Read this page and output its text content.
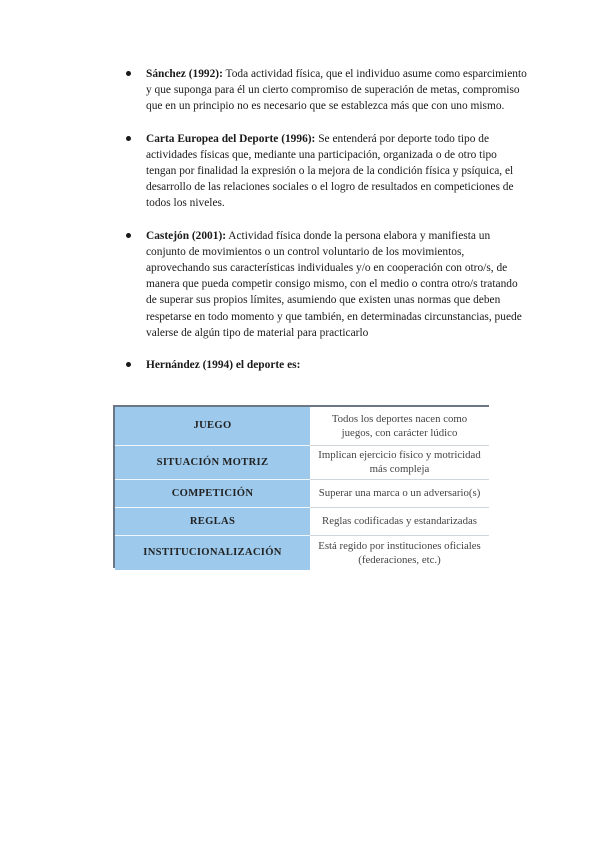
Sánchez (1992): Toda actividad física, que el individuo asume como esparcimiento y que suponga para él un cierto compromiso de superación de metas, compromiso que en un principio no es necesario que se establezca más que con uno mismo.
Carta Europea del Deporte (1996): Se entenderá por deporte todo tipo de actividades físicas que, mediante una participación, organizada o de otro tipo tengan por finalidad la expresión o la mejora de la condición física y psíquica, el desarrollo de las relaciones sociales o el logro de resultados en competiciones de todos los niveles.
Castejón (2001): Actividad física donde la persona elabora y manifiesta un conjunto de movimientos o un control voluntario de los movimientos, aprovechando sus características individuales y/o en cooperación con otro/s, de manera que pueda competir consigo mismo, con el medio o contra otro/s tratando de superar sus propios límites, asumiendo que existen unas normas que deben respetarse en todo momento y que también, en determinadas circunstancias, puede valerse de algún tipo de material para practicarlo
Hernández (1994) el deporte es:
JUEGO	Todos los deportes nacen como juegos, con carácter lúdico
SITUACIÓN MOTRIZ	Implican ejercicio físico y motricidad más compleja
COMPETICIÓN	Superar una marca o un adversario(s)
REGLAS	Reglas codificadas y estandarizadas
INSTITUCIONALIZACIÓN	Está regido por instituciones oficiales (federaciones, etc.)
